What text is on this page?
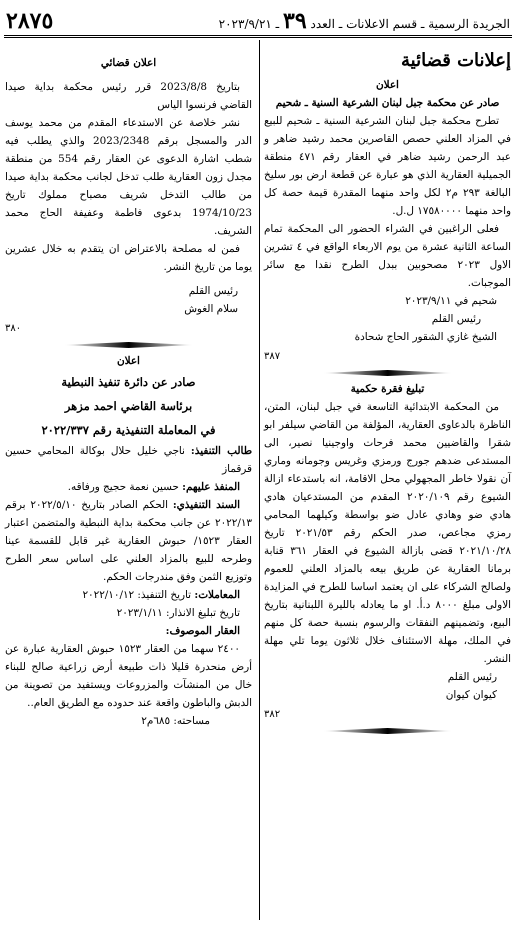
الجريدة الرسمية ـ قسم الاعلانات ـ العدد ٣٩ ـ ٢٠٢٣/٩/٢١
٢٨٧٥
إعلانات قضائية
اعلان
صادر عن محكمة جبل لبنان الشرعية السنية ـ شحيم

تطرح محكمة جبل لبنان الشرعية السنية ـ شحيم للبيع في المزاد العلني حصص القاصرين محمد رشيد ضاهر و عبد الرحمن رشيد ضاهر في العقار رقم ٤٧١ منطقة الجميلية العقارية الذي هو عبارة عن قطعة ارض بور سليخ البالغة ٢٩٣ م٢ لكل واحد منهما المقدرة قيمة حصة كل واحد منهما ١٧٥٨٠٠٠٠ ل.ل.

فعلى الراغبين في الشراء الحضور الى المحكمة تمام الساعة الثانية عشرة من يوم الاربعاء الواقع في ٤ تشرين الاول ٢٠٢٣ مصحوبين ببدل الطرح نقدا مع سائر الموجبات.

شحيم في ٢٠٢٣/٩/١١
رئيس القلم
الشيخ غازي الشقور الحاج شحادة
٣٨٧
تبليغ فقرة حكمية

من المحكمة الابتدائية التاسعة في جبل لبنان، المتن، الناظرة بالدعاوى العقارية، المؤلفة من القاضي سيلفر ابو شقرا والقاضيين محمد فرحات واوجينيا نصير، الى المستدعى ضدهم جورج ورمزي وغريس وجومانه وماري آن نقولا خاطر المجهولي محل الاقامة، انه باستدعاء ازالة الشيوع رقم ٢٠٢٠/١٠٩ المقدم من المستدعيان هادي هادي ضو وهادي عادل ضو بواسطة وكيلهما المحامي رمزي مجاعص، صدر الحكم رقم ٢٠٢١/٥٣ تاريخ ٢٠٢١/١٠/٢٨ قضى بازالة الشيوع في العقار ٣٦١ قنابة برمانا العقارية عن طريق بيعه بالمزاد العلني للعموم ولصالح الشركاء على ان يعتمد اساسا للطرح في المزايدة الاولى مبلغ ٨٠٠٠ د.أ. او ما يعادله بالليرة اللبنانية بتاريخ البيع، وتضمينهم النفقات والرسوم بنسبة حصة كل منهم في الملك، مهلة الاستئناف خلال ثلاثون يوما تلي مهلة النشر.

رئيس القلم
كيوان كيوان
٣٨٢
اعلان قضائي

بتاريخ 2023/8/8 قرر رئيس محكمة بداية صيدا القاضي فرنسوا الياس

نشر خلاصة عن الاستدعاء المقدم من محمد يوسف الدر والمسجل برقم 2023/2348 والذي يطلب فيه شطب اشارة الدعوى عن العقار رقم 554 من منطقة مجدل زون العقارية طلب تدخل لجانب محكمة بداية صيدا من طالب التدخل شريف مصباح مملوك تاريخ 1974/10/23 بدعوى فاطمة وعفيفة الحاج محمد الشريف.

فمن له مصلحة بالاعتراض ان يتقدم به خلال عشرين يوما من تاريخ النشر.

رئيس القلم
سلام الغوش
٣٨٠
اعلان
صادر عن دائرة تنفيذ النبطية
برئاسة القاضي احمد مزهر
في المعاملة التنفيذية رقم ٢٠٢٢/٣٣٧

طالب التنفيذ: ناجي خليل حلال بوكالة المحامي حسين قرقماز

المنفذ عليهم: حسين نعمة حجيج ورفاقه.

السند التنفيذي: الحكم الصادر بتاريخ ٢٠٢٢/٥/١٠ برقم ٢٠٢٢/١٣ عن جانب محكمة بداية النبطية والمتضمن اعتبار العقار ١٥٢٣/ حبوش العقارية غير قابل للقسمة عينا وطرحه للبيع بالمزاد العلني على اساس سعر الطرح وتوزيع الثمن وفق مندرجات الحكم.

المعاملات: تاريخ التنفيذ: ٢٠٢٢/١٠/١٢

تاريخ تبليغ الانذار: ٢٠٢٣/١/١١

العقار الموصوف:

٢٤٠٠ سهما من العقار ١٥٢٣ حبوش العقارية عبارة عن أرض منحدرة قليلا ذات طبيعة أرض زراعية صالح للبناء خال من المنشآت والمزروعات ويستفيد من تصوينة من الدبش والباطون واقعة عند حدوده مع الطريق العام..

مساحته: ٦٨٥م٢
